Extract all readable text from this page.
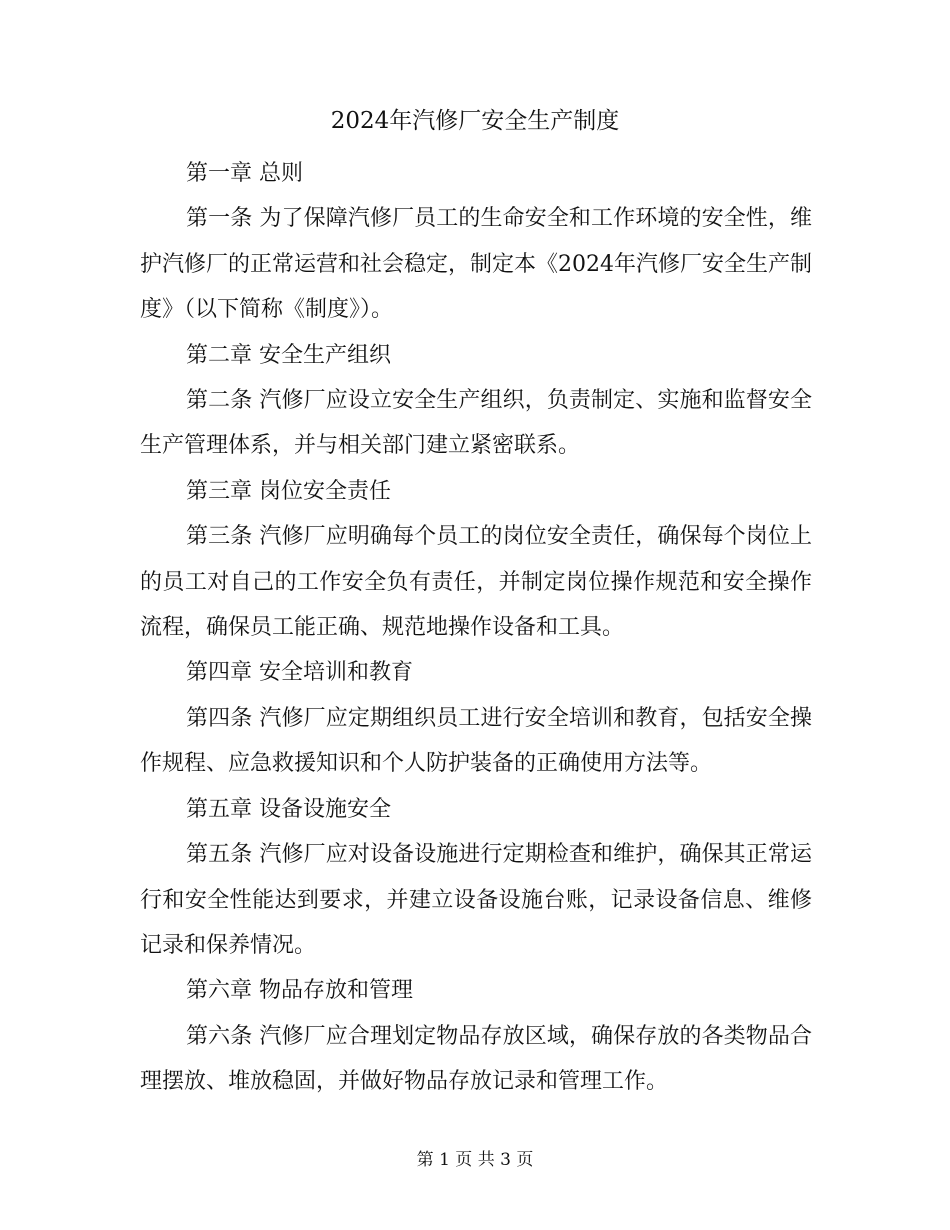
2024年汽修厂安全生产制度

第一章 总则

第一条 为了保障汽修厂员工的生命安全和工作环境的安全性，维护汽修厂的正常运营和社会稳定，制定本《2024年汽修厂安全生产制度》（以下简称《制度》）。

第二章 安全生产组织

第二条 汽修厂应设立安全生产组织，负责制定、实施和监督安全生产管理体系，并与相关部门建立紧密联系。

第三章 岗位安全责任

第三条 汽修厂应明确每个员工的岗位安全责任，确保每个岗位上的员工对自己的工作安全负有责任，并制定岗位操作规范和安全操作流程，确保员工能正确、规范地操作设备和工具。

第四章 安全培训和教育

第四条 汽修厂应定期组织员工进行安全培训和教育，包括安全操作规程、应急救援知识和个人防护装备的正确使用方法等。

第五章 设备设施安全

第五条 汽修厂应对设备设施进行定期检查和维护，确保其正常运行和安全性能达到要求，并建立设备设施台账，记录设备信息、维修记录和保养情况。

第六章 物品存放和管理

第六条 汽修厂应合理划定物品存放区域，确保存放的各类物品合理摆放、堆放稳固，并做好物品存放记录和管理工作。

第 1 页 共 3 页
